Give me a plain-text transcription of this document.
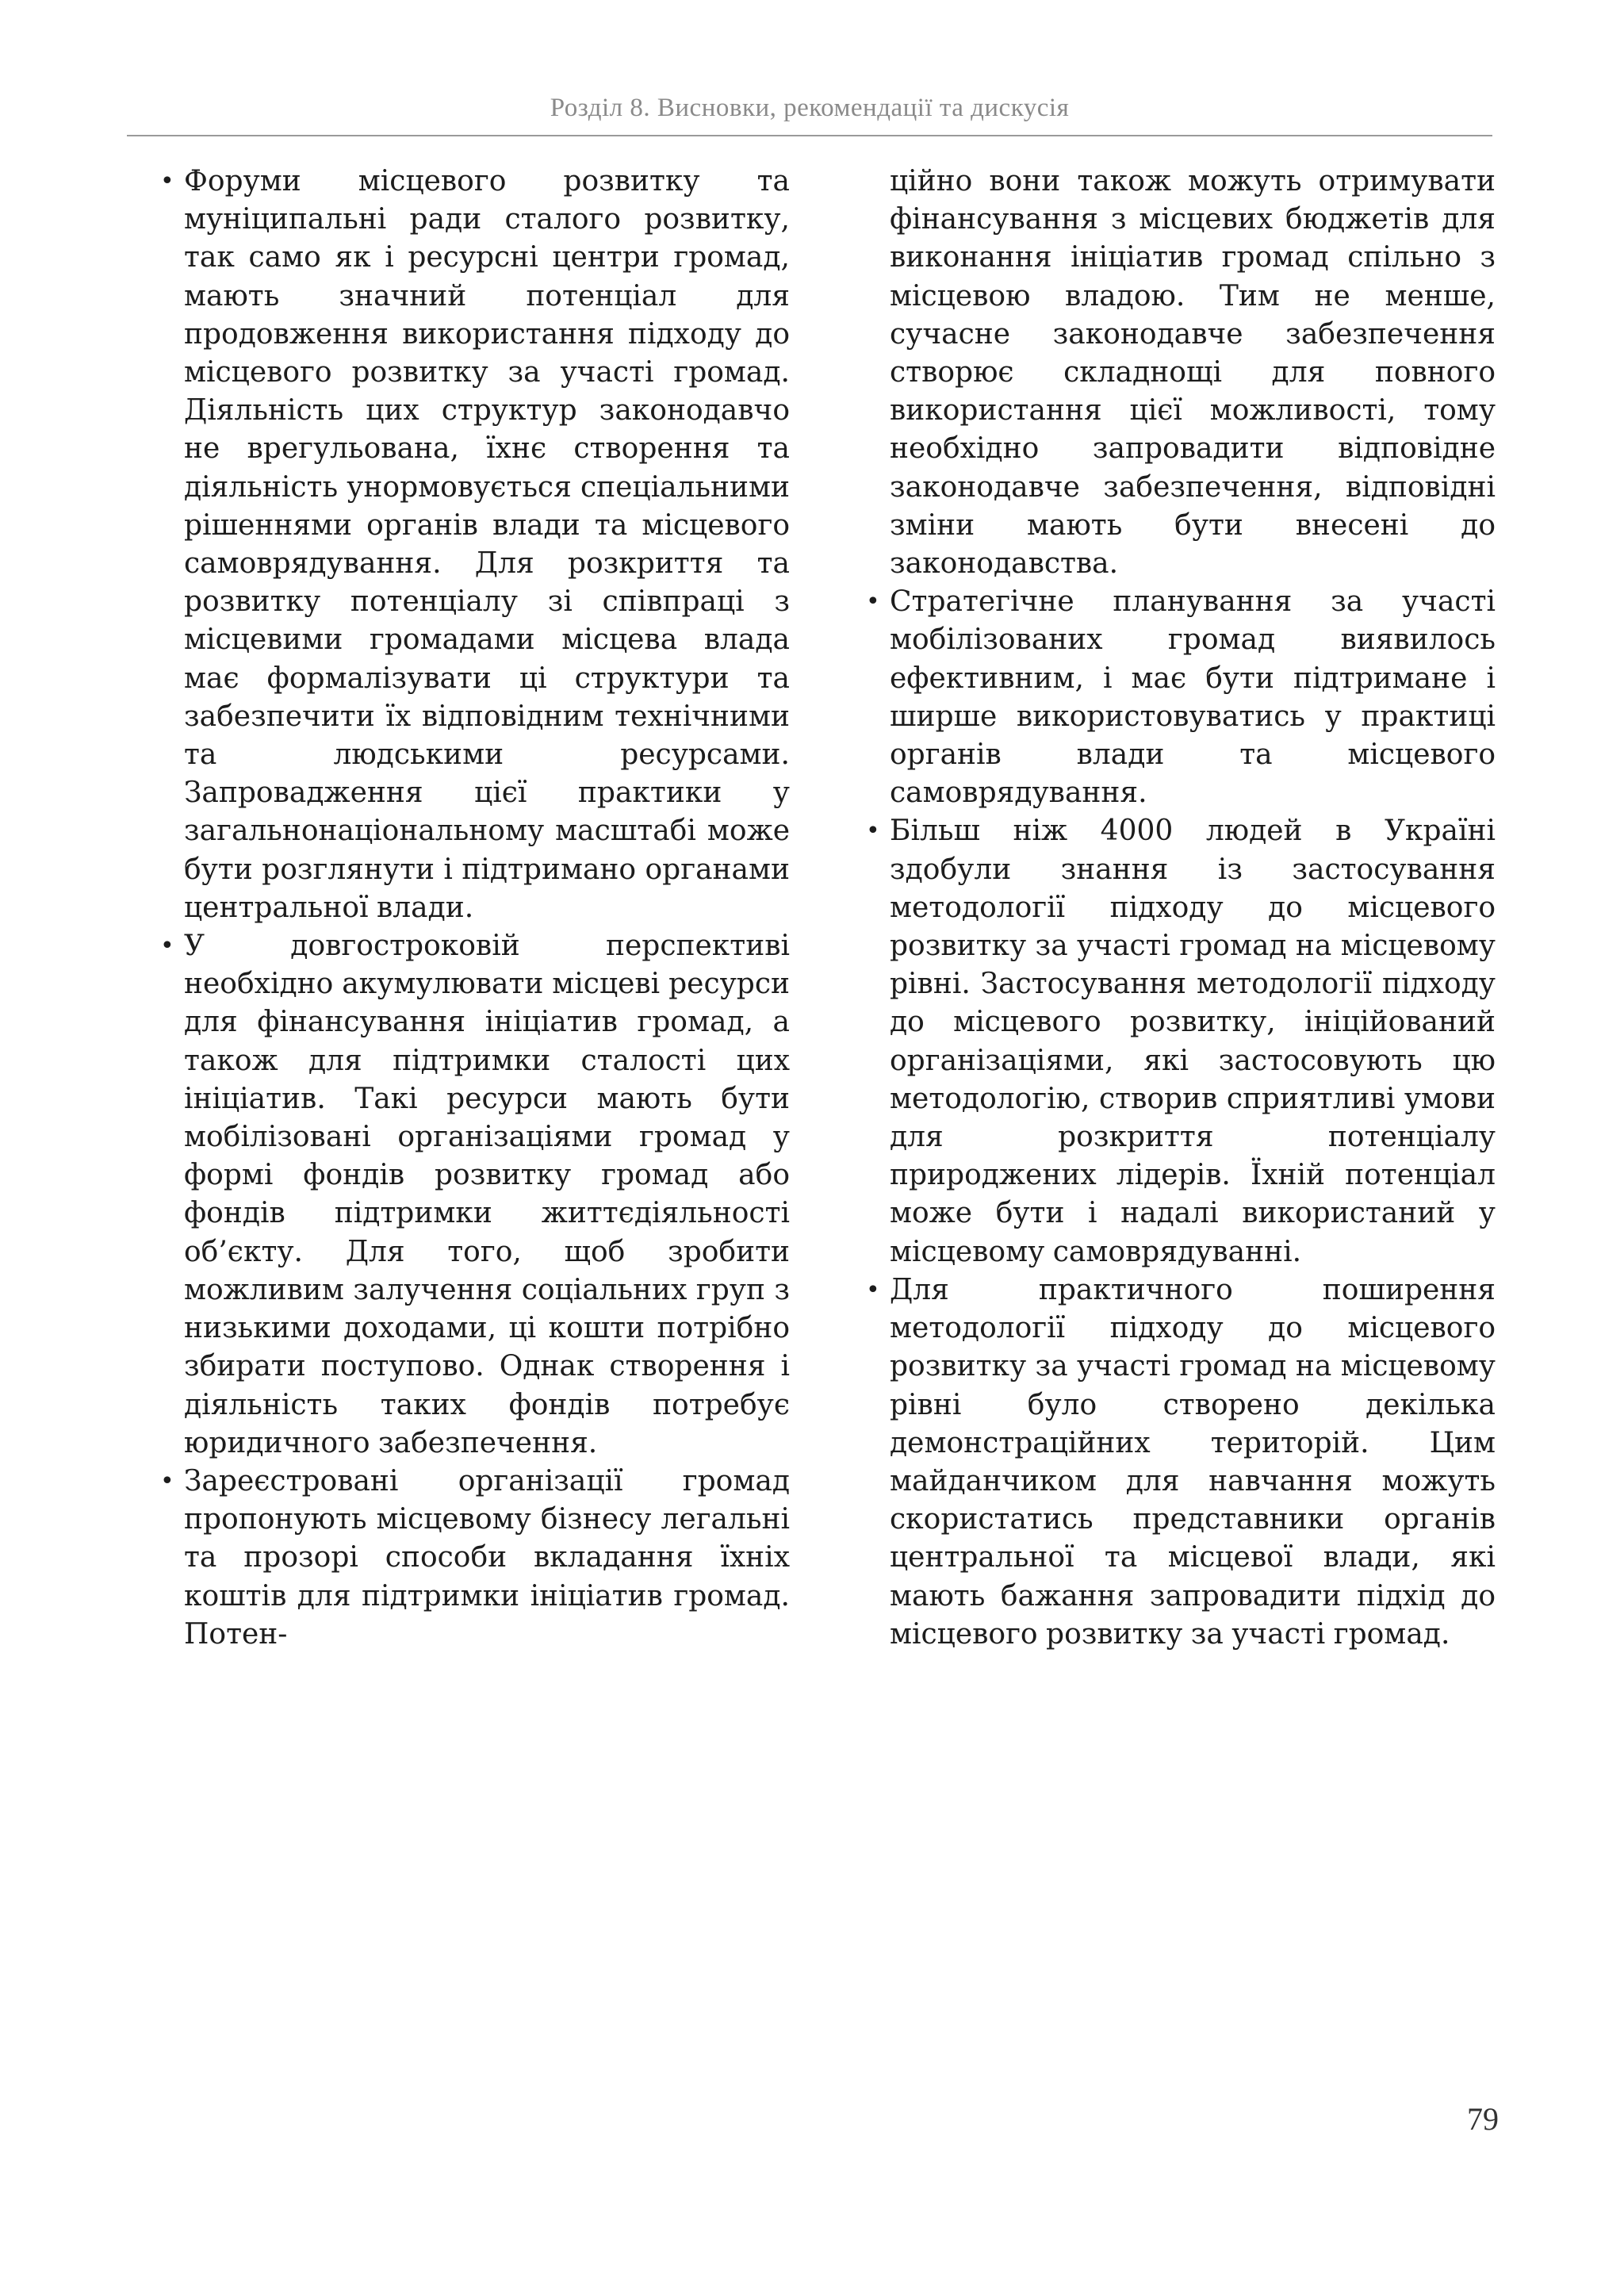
Розділ 8. Висновки, рекомендації та дискусія
• Форуми місцевого розвитку та муніципальні ради сталого розвитку, так само як і ресурсні центри громад, мають значний потенціал для продовження використання підходу до місцевого розвитку за участі громад. Діяльність цих структур законодавчо не врегульована, їхнє створення та діяльність унормовується спеціальними рішеннями органів влади та місцевого самоврядування. Для розкриття та розвитку потенціалу зі співпраці з місцевими громадами місцева влада має формалізувати ці структури та забезпечити їх відповідним технічними та людськими ресурсами. Запровадження цієї практики у загальнонаціональному масштабі може бути розглянути і підтримано органами центральної влади.

• У довгостроковій перспективі необхідно акумулювати місцеві ресурси для фінансування ініціатив громад, а також для підтримки сталості цих ініціатив. Такі ресурси мають бути мобілізовані організаціями громад у формі фондів розвитку громад або фондів підтримки життєдіяльності об’єкту. Для того, щоб зробити можливим залучення соціальних груп з низькими доходами, ці кошти потрібно збирати поступово. Однак створення і діяльність таких фондів потребує юридичного забезпечення.

• Зареєстровані організації громад пропонують місцевому бізнесу легальні та прозорі способи вкладання їхніх коштів для підтримки ініціатив громад. Потен-

ційно вони також можуть отримувати фінансування з місцевих бюджетів для виконання ініціатив громад спільно з місцевою владою. Тим не менше, сучасне законодавче забезпечення створює складнощі для повного використання цієї можливості, тому необхідно запровадити відповідне законодавче забезпечення, відповідні зміни мають бути внесені до законодавства.

• Стратегічне планування за участі мобілізованих громад виявилось ефективним, і має бути підтримане і ширше використовуватись у практиці органів влади та місцевого самоврядування.

• Більш ніж 4000 людей в Україні здобули знання із застосування методології підходу до місцевого розвитку за участі громад на місцевому рівні. Застосування методології підходу до місцевого розвитку, ініційований організаціями, які застосовують цю методологію, створив сприятливі умови для розкриття потенціалу природжених лідерів. Їхній потенціал може бути і надалі використаний у місцевому самоврядуванні.

• Для практичного поширення методології підходу до місцевого розвитку за участі громад на місцевому рівні було створено декілька демонстраційних територій. Цим майданчиком для навчання можуть скористатись представники органів центральної та місцевої влади, які мають бажання запровадити підхід до місцевого розвитку за участі громад.

79
